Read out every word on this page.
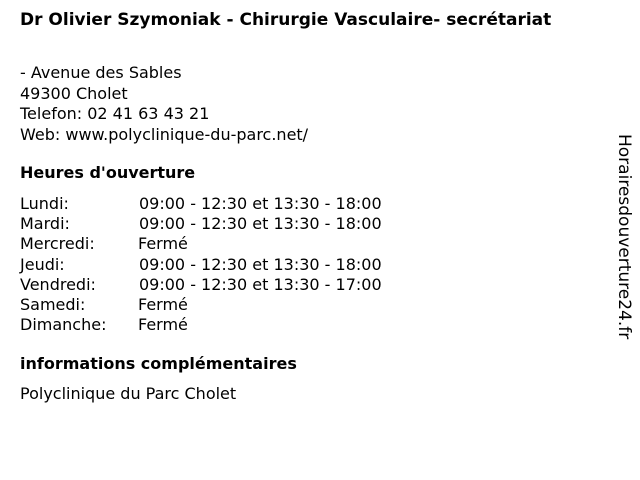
Dr Olivier Szymoniak - Chirurgie Vasculaire- secrétariat
- Avenue des Sables
49300 Cholet
Telefon: 02 41 63 43 21
Web: www.polyclinique-du-parc.net/
Heures d'ouverture
Lundi:	09:00 - 12:30 et 13:30 - 18:00
Mardi:	09:00 - 12:30 et 13:30 - 18:00
Mercredi:	Fermé
Jeudi:	09:00 - 12:30 et 13:30 - 18:00
Vendredi:	09:00 - 12:30 et 13:30 - 17:00
Samedi:	Fermé
Dimanche: Fermé
informations complémentaires
Polyclinique du Parc Cholet
Horairesdouverture24.fr
